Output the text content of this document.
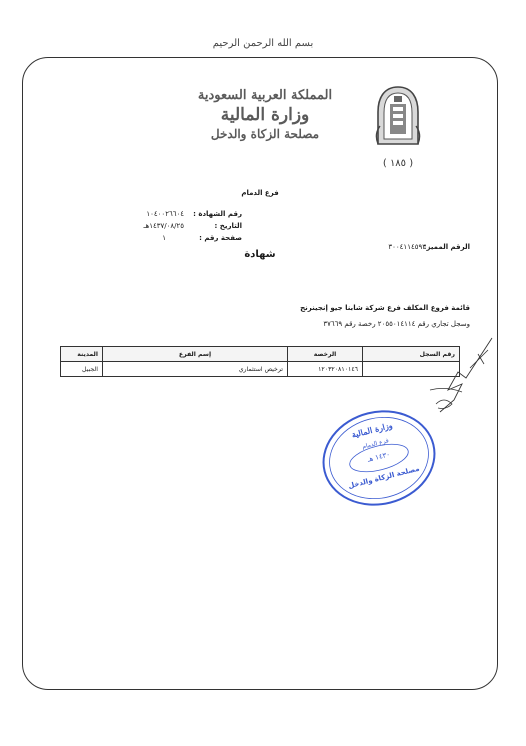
بسم الله الرحمن الرحيم
المملكة العربية السعودية
وزارة المالية
مصلحة الزكاة والدخل
( ١٨٥ )
فرع الدمام
رقم الشهادة :
١٠٤٠٠٢٦٦٠٤
التاريخ :
١٤٣٧/٠٨/٢٥هـ
صفحة رقم :
١
الرقم المميز:
٣٠٠٤١١٤٥٩٣
شهادة
قائمة فروع المكلف فرع شركة شابنا جيو إنجينرنج
وسجل تجاري رقم ٢٠٥٥٠١٤١١٤ رخصة رقم ٣٧٦٦٩
رقم السجل	الرخصة	إسم الفرع	المدينة
	١٢٠٣٢٠٨١٠١٤٦	ترخيص استثماري	الجبيل
وزارة المالية
فرع الدمام
١٤٣٠ هـ
مصلحة الزكاة والدخل
